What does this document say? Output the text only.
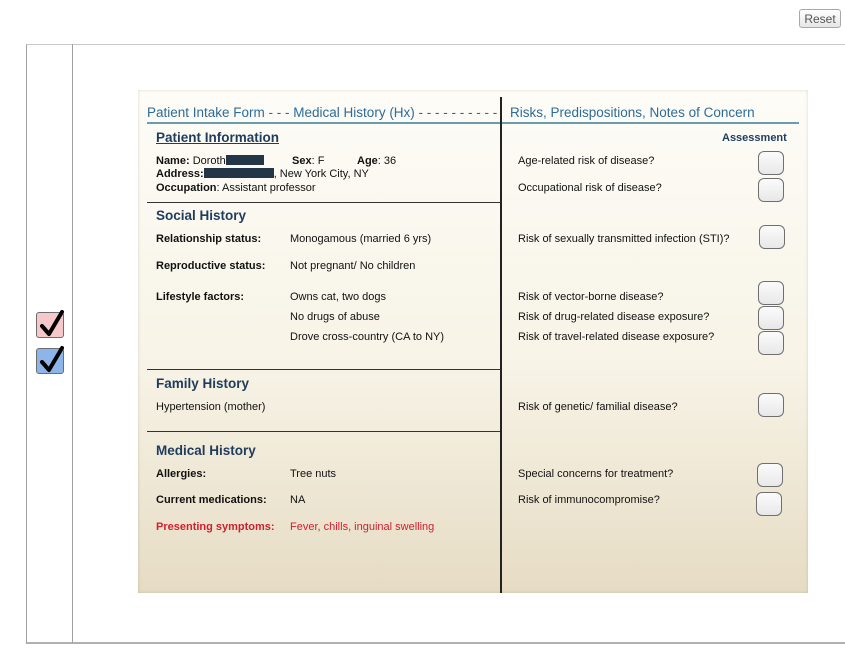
Reset
Patient Intake Form - - - Medical History (Hx) - - - - - - - - - - Risks, Predispositions, Notes of Concern
Patient Information
Name: Doroth	Sex: F	Age: 36
Address:	, New York City, NY
Occupation: Assistant professor
Social History
Relationship status:	Monogamous (married 6 yrs)
Reproductive status: Not pregnant/ No children
Lifestyle factors:	Owns cat, two dogs
No drugs of abuse
Drove cross-country (CA to NY)
Family History
Hypertension (mother)
Medical History
Allergies:	Tree nuts
Current medications: NA
Presenting symptoms: Fever, chills, inguinal swelling
Assessment
Age-related risk of disease?
Occupational risk of disease?
Risk of sexually transmitted infection (STI)?
Risk of vector-borne disease?
Risk of drug-related disease exposure?
Risk of travel-related disease exposure?
Risk of genetic/ familial disease?
Special concerns for treatment?
Risk of immunocompromise?
